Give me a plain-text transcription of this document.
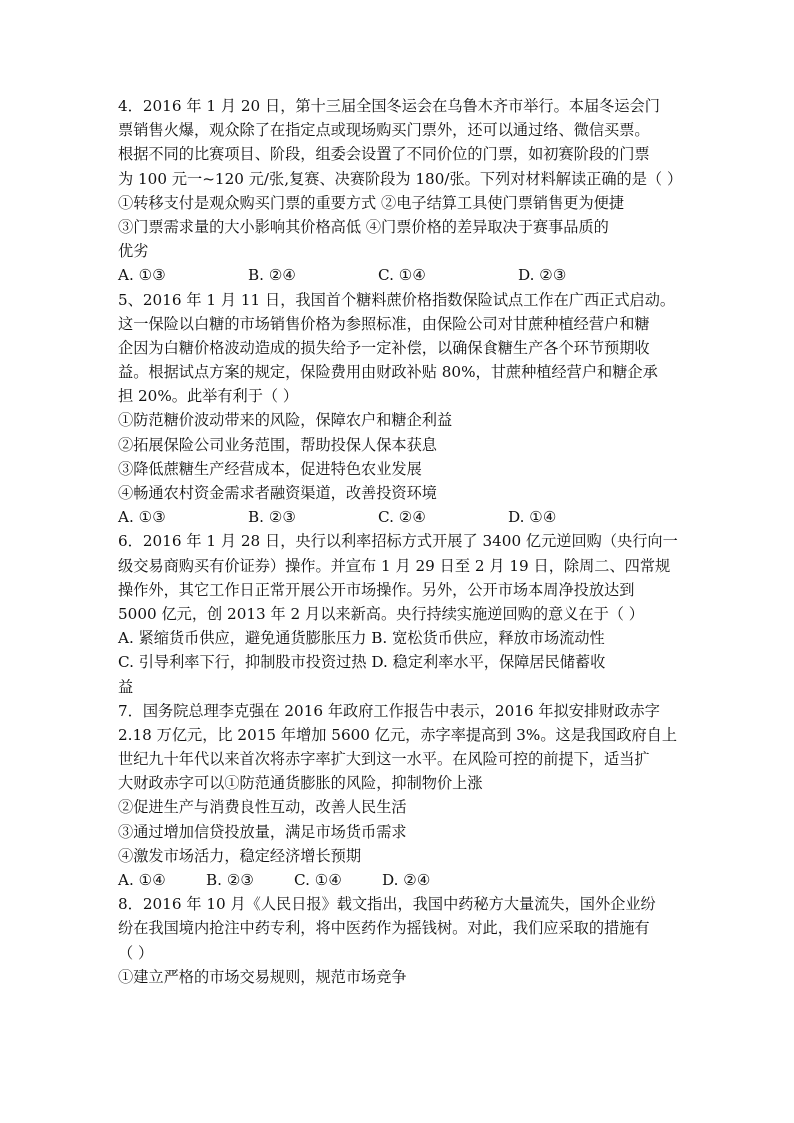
4．2016 年 1 月 20 日，第十三届全国冬运会在乌鲁木齐市举行。本届冬运会门
票销售火爆，观众除了在指定点或现场购买门票外，还可以通过络、微信买票。
根据不同的比赛项目、阶段，组委会设置了不同价位的门票，如初赛阶段的门票
为 100 元一~120 元/张,复赛、决赛阶段为 180/张。下列对材料解读正确的是（ ）
①转移支付是观众购买门票的重要方式 ②电子结算工具使门票销售更为便捷
③门票需求量的大小影响其价格高低 ④门票价格的差异取决于赛事品质的
优劣
A. ①③	B. ②④	C. ①④	D. ②③
5、2016 年 1 月 11 日，我国首个糖料蔗价格指数保险试点工作在广西正式启动。
这一保险以白糖的市场销售价格为参照标准，由保险公司对甘蔗种植经营户和糖
企因为白糖价格波动造成的损失给予一定补偿，以确保食糖生产各个环节预期收
益。根据试点方案的规定，保险费用由财政补贴 80%，甘蔗种植经营户和糖企承
担 20%。此举有利于（ ）
①防范糖价波动带来的风险，保障农户和糖企利益
②拓展保险公司业务范围，帮助投保人保本获息
③降低蔗糖生产经营成本，促进特色农业发展
④畅通农村资金需求者融资渠道，改善投资环境
A. ①③	B. ②③	C. ②④	D. ①④
6．2016 年 1 月 28 日，央行以利率招标方式开展了 3400 亿元逆回购（央行向一
级交易商购买有价证券）操作。并宣布 1 月 29 日至 2 月 19 日，除周二、四常规
操作外，其它工作日正常开展公开市场操作。另外，公开市场本周净投放达到
5000 亿元，创 2013 年 2 月以来新高。央行持续实施逆回购的意义在于（ ）
A. 紧缩货币供应，避免通货膨胀压力 B. 宽松货币供应，释放市场流动性
C. 引导利率下行，抑制股市投资过热 D. 稳定利率水平，保障居民储蓄收
益
7．国务院总理李克强在 2016 年政府工作报告中表示，2016 年拟安排财政赤字
2.18 万亿元，比 2015 年增加 5600 亿元，赤字率提高到 3%。这是我国政府自上
世纪九十年代以来首次将赤字率扩大到这一水平。在风险可控的前提下，适当扩
大财政赤字可以①防范通货膨胀的风险，抑制物价上涨
②促进生产与消费良性互动，改善人民生活
③通过增加信贷投放量，满足市场货币需求
④激发市场活力，稳定经济增长预期
A. ①④	B. ②③	C. ①④	D. ②④
8．2016 年 10 月《人民日报》载文指出，我国中药秘方大量流失，国外企业纷
纷在我国境内抢注中药专利，将中医药作为摇钱树。对此，我们应采取的措施有
（ ）
①建立严格的市场交易规则，规范市场竞争
